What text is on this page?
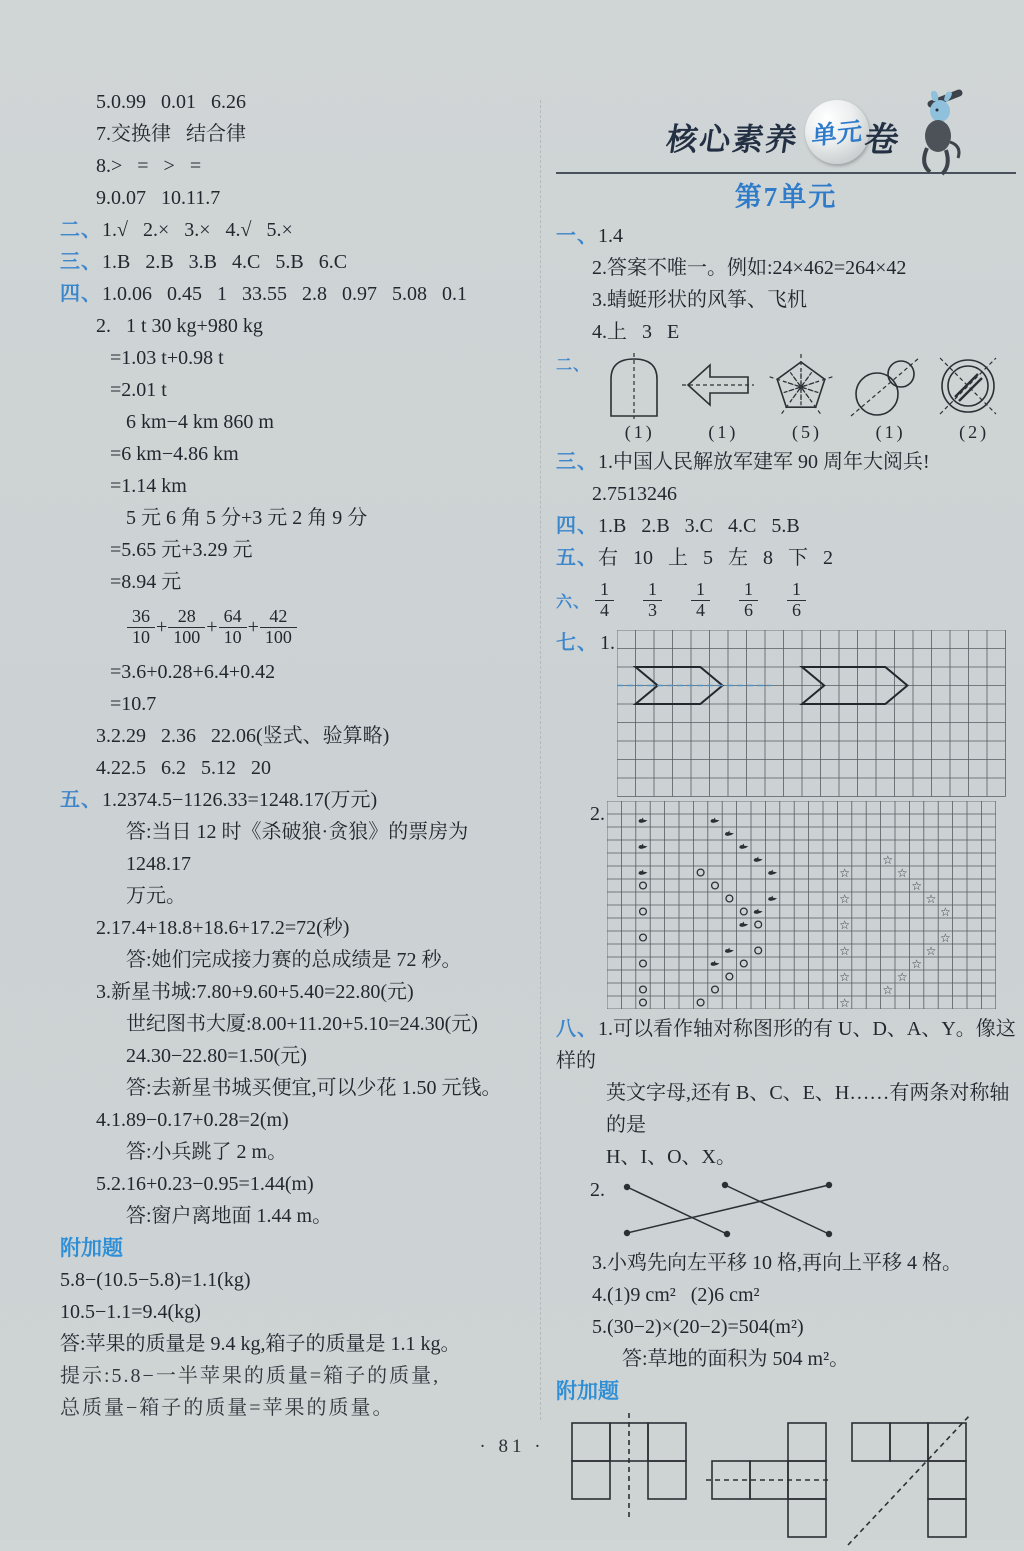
5.0.99   0.01   6.26
7.交换律   结合律
8.>   =   >   =
9.0.07   10.11.7
二、1.√   2.×   3.×   4.√   5.×
三、1.B   2.B   3.B   4.C   5.B   6.C
四、1.0.06   0.45   1   33.55   2.8   0.97   5.08   0.1
2.   1 t 30 kg+980 kg
=1.03 t+0.98 t
=2.01 t
6 km−4 km 860 m
=6 km−4.86 km
=1.14 km
5 元 6 角 5 分+3 元 2 角 9 分
=5.65 元+3.29 元
=8.94 元
$\frac{36}{10} + \frac{28}{100} + \frac{64}{10} + \frac{42}{100}$
=3.6+0.28+6.4+0.42
=10.7
3.2.29   2.36   22.06(竖式、验算略)
4.22.5   6.2   5.12   20
五、1.2374.5−1126.33=1248.17(万元)
答:当日 12 时《杀破狼·贪狼》的票房为 1248.17
万元。
2.17.4+18.8+18.6+17.2=72(秒)
答:她们完成接力赛的总成绩是 72 秒。
3.新星书城:7.80+9.60+5.40=22.80(元)
世纪图书大厦:8.00+11.20+5.10=24.30(元)
24.30−22.80=1.50(元)
答:去新星书城买便宜,可以少花 1.50 元钱。
4.1.89−0.17+0.28=2(m)
答:小兵跳了 2 m。
5.2.16+0.23−0.95=1.44(m)
答:窗户离地面 1.44 m。
附加题
5.8−(10.5−5.8)=1.1(kg)
10.5−1.1=9.4(kg)
答:苹果的质量是 9.4 kg,箱子的质量是 1.1 kg。
提示:5.8−一半苹果的质量=箱子的质量,
总质量−箱子的质量=苹果的质量。
核心素养 单元 卷
第7单元
一、1.4
2.答案不唯一。例如:24×462=264×42
3.蜻蜓形状的风筝、飞机
4.上   3   E
二、
(1)	(1)	(5)	(1)	(2)
三、1.中国人民解放军建军 90 周年大阅兵!
2.7513246
四、1.B   2.B   3.C   4.C   5.B
五、右   10   上   5   左   8   下   2
六、 $\frac{1}{4} \frac{1}{3} \frac{1}{4} \frac{1}{6} \frac{1}{6}$
七、 1.
2.
☆
☆
☆
☆
☆
☆
☆
☆
☆
☆
☆
☆
☆
☆
☆
☆
八、1.可以看作轴对称图形的有 U、D、A、Y。像这样的
英文字母,还有 B、C、E、H……有两条对称轴的是
H、I、O、X。
2.
3.小鸡先向左平移 10 格,再向上平移 4 格。
4.(1)9 cm²   (2)6 cm²
5.(30−2)×(20−2)=504(m²)
答:草地的面积为 504 m²。
附加题
· 81 ·
